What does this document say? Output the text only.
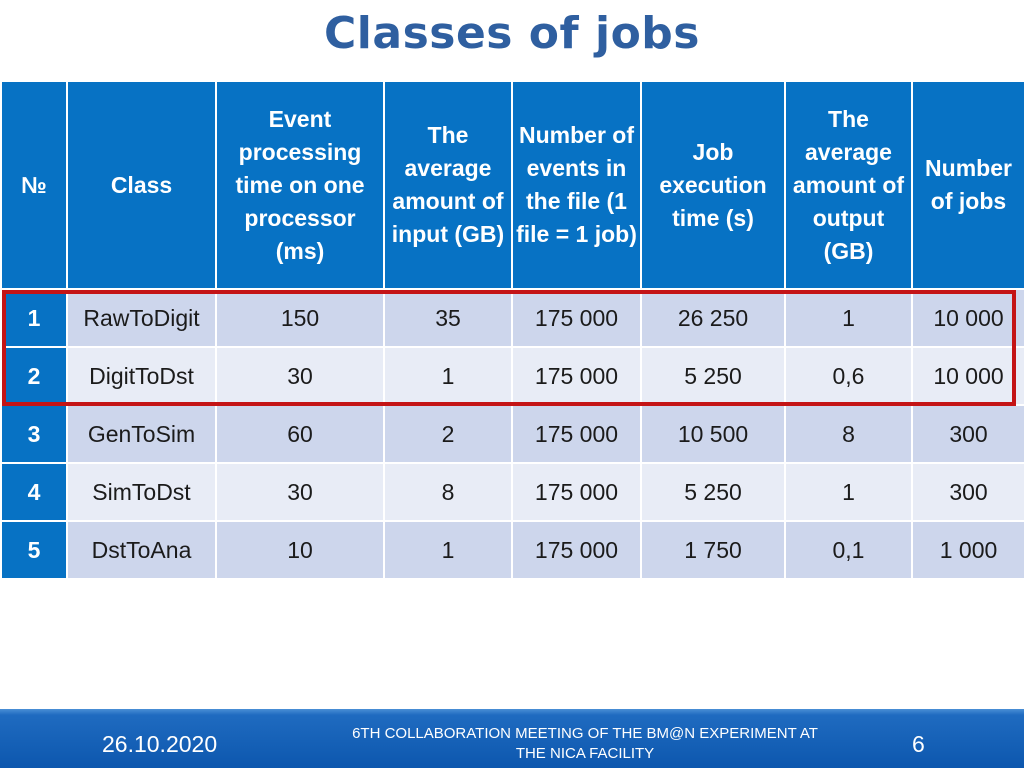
Classes of jobs
№	Class	Event processing time on one processor (ms)	The average amount of input (GB)	Number of events in the file (1 file = 1 job)	Job execution time (s)	The average amount of output (GB)	Number of jobs
1	RawToDigit	150	35	175 000	26 250	1	10 000
2	DigitToDst	30	1	175 000	5 250	0,6	10 000
3	GenToSim	60	2	175 000	10 500	8	300
4	SimToDst	30	8	175 000	5 250	1	300
5	DstToAna	10	1	175 000	1 750	0,1	1 000
26.10.2020	6TH COLLABORATION MEETING OF THE BM@N EXPERIMENT AT
THE NICA FACILITY	6
